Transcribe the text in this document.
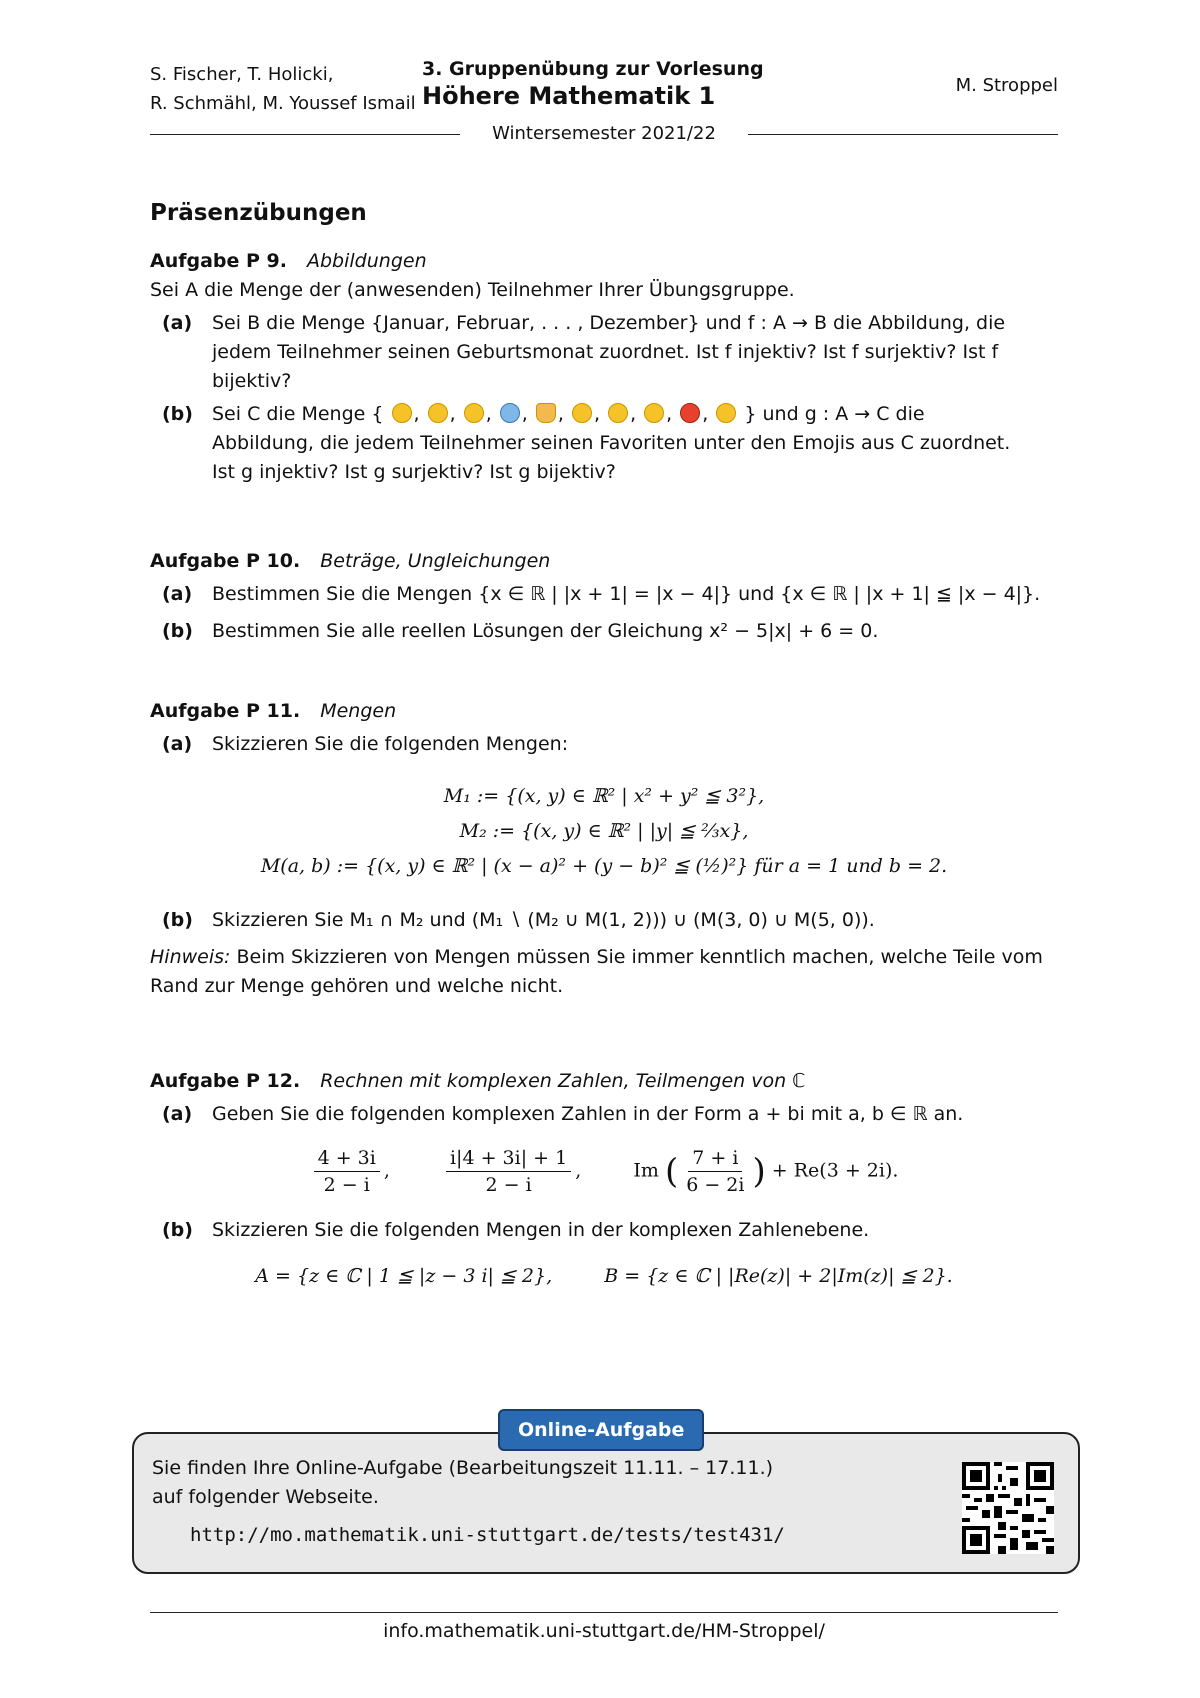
S. Fischer, T. Holicki,
R. Schmähl, M. Youssef Ismail
3. Gruppenübung zur Vorlesung
Höhere Mathematik 1	M. Stroppel
Wintersemester 2021/22
Präsenzübungen
Aufgabe P 9. Abbildungen
Sei A die Menge der (anwesenden) Teilnehmer Ihrer Übungsgruppe.
(a) Sei B die Menge {Januar, Februar, . . . , Dezember} und f : A → B die Abbildung, die
jedem Teilnehmer seinen Geburtsmonat zuordnet. Ist f injektiv? Ist f surjektiv? Ist f
bijektiv?
(b) Sei C die Menge { , , , , , , , , ,  } und g : A → C die
Abbildung, die jedem Teilnehmer seinen Favoriten unter den Emojis aus C zuordnet.
Ist g injektiv? Ist g surjektiv? Ist g bijektiv?
Aufgabe P 10. Beträge, Ungleichungen
(a) Bestimmen Sie die Mengen {x ∈ ℝ | |x + 1| = |x − 4|} und {x ∈ ℝ | |x + 1| ≦ |x − 4|}.
(b) Bestimmen Sie alle reellen Lösungen der Gleichung x² − 5|x| + 6 = 0.
Aufgabe P 11. Mengen
(a) Skizzieren Sie die folgenden Mengen:
M₁ := {(x, y) ∈ ℝ² | x² + y² ≦ 3²},
M₂ := {(x, y) ∈ ℝ² | |y| ≦ ⅔x},
M(a, b) := {(x, y) ∈ ℝ² | (x − a)² + (y − b)² ≦ (½)²} für a = 1 und b = 2.
(b) Skizzieren Sie M₁ ∩ M₂ und (M₁ ∖ (M₂ ∪ M(1, 2))) ∪ (M(3, 0) ∪ M(5, 0)).
Hinweis: Beim Skizzieren von Mengen müssen Sie immer kenntlich machen, welche Teile vom
Rand zur Menge gehören und welche nicht.
Aufgabe P 12. Rechnen mit komplexen Zahlen, Teilmengen von ℂ
(a) Geben Sie die folgenden komplexen Zahlen in der Form a + bi mit a, b ∈ ℝ an.
$\frac{4 + 3i}{2 - i}$ ,	$\frac{i|4 + 3i| + 1}{2 - i}$ ,  Im ( $\frac{7 + i}{6 - 2i}$ ) + Re(3 + 2i).
(b) Skizzieren Sie die folgenden Mengen in der komplexen Zahlenebene.
A = {z ∈ ℂ | 1 ≦ |z − 3 i| ≦ 2},	B = {z ∈ ℂ | |Re(z)| + 2|Im(z)| ≦ 2}.
Sie finden Ihre Online-Aufgabe (Bearbeitungszeit 11.11. – 17.11.)
auf folgender Webseite.
http://mo.mathematik.uni-stuttgart.de/tests/test431/
Online-Aufgabe
info.mathematik.uni-stuttgart.de/HM-Stroppel/
